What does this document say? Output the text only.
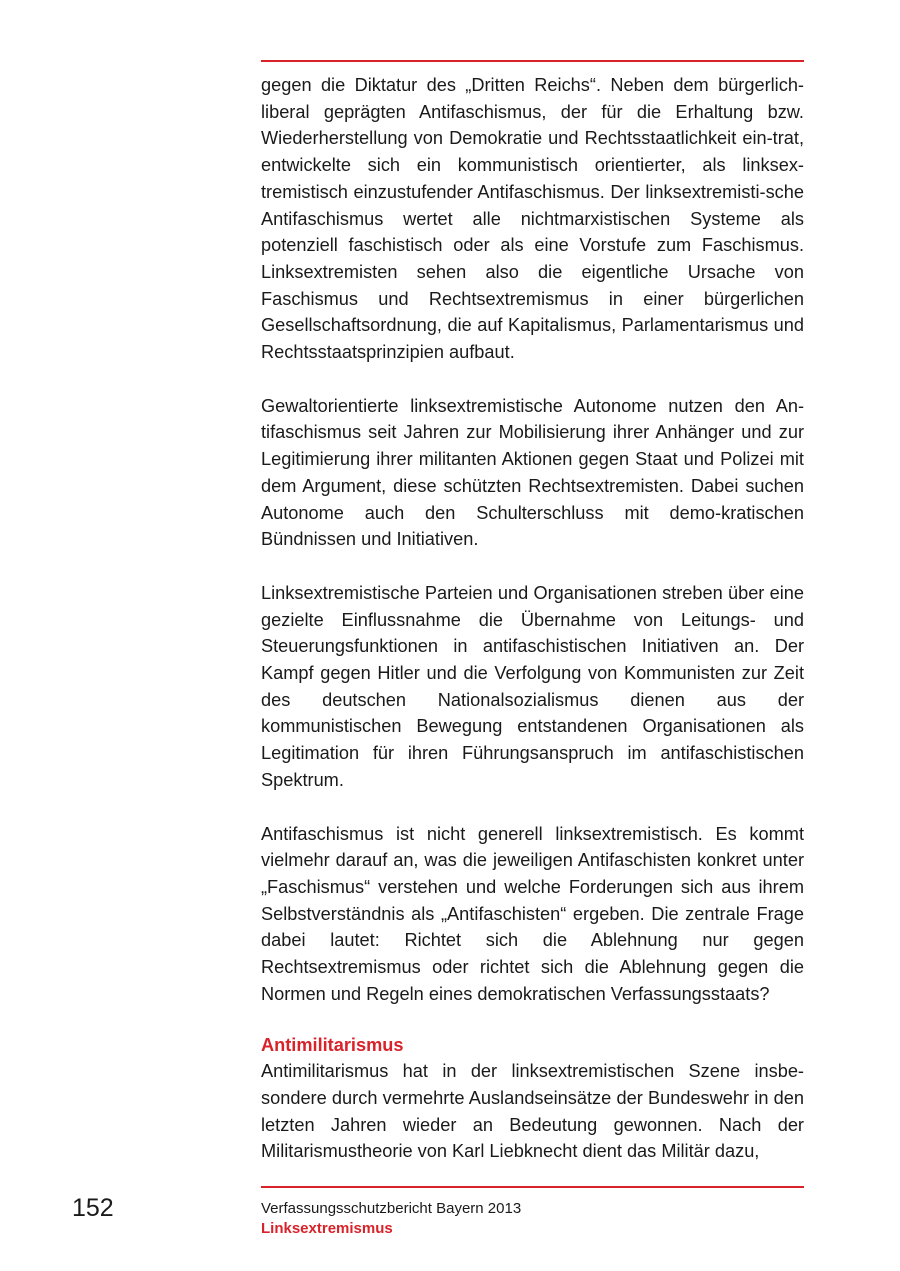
gegen die Diktatur des „Dritten Reichs“. Neben dem bürgerlich-liberal geprägten Antifaschismus, der für die Erhaltung bzw. Wiederherstellung von Demokratie und Rechtsstaatlichkeit ein-trat, entwickelte sich ein kommunistisch orientierter, als linksex-tremistisch einzustufender Antifaschismus. Der linksextremisti-sche Antifaschismus wertet alle nichtmarxistischen Systeme als potenziell faschistisch oder als eine Vorstufe zum Faschismus. Linksextremisten sehen also die eigentliche Ursache von Faschismus und Rechtsextremismus in einer bürgerlichen Gesellschaftsordnung, die auf Kapitalismus, Parlamentarismus und Rechtsstaatsprinzipien aufbaut.

Gewaltorientierte linksextremistische Autonome nutzen den An-tifaschismus seit Jahren zur Mobilisierung ihrer Anhänger und zur Legitimierung ihrer militanten Aktionen gegen Staat und Polizei mit dem Argument, diese schützten Rechtsextremisten. Dabei suchen Autonome auch den Schulterschluss mit demo-kratischen Bündnissen und Initiativen.

Linksextremistische Parteien und Organisationen streben über eine gezielte Einflussnahme die Übernahme von Leitungs- und Steuerungsfunktionen in antifaschistischen Initiativen an. Der Kampf gegen Hitler und die Verfolgung von Kommunisten zur Zeit des deutschen Nationalsozialismus dienen aus der kommunistischen Bewegung entstandenen Organisationen als Legitimation für ihren Führungsanspruch im antifaschistischen Spektrum.

Antifaschismus ist nicht generell linksextremistisch. Es kommt vielmehr darauf an, was die jeweiligen Antifaschisten konkret unter „Faschismus“ verstehen und welche Forderungen sich aus ihrem Selbstverständnis als „Antifaschisten“ ergeben. Die zentrale Frage dabei lautet: Richtet sich die Ablehnung nur gegen Rechtsextremismus oder richtet sich die Ablehnung gegen die Normen und Regeln eines demokratischen Verfassungsstaats?

Antimilitarismus

Antimilitarismus hat in der linksextremistischen Szene insbe-sondere durch vermehrte Auslandseinsätze der Bundeswehr in den letzten Jahren wieder an Bedeutung gewonnen. Nach der Militarismustheorie von Karl Liebknecht dient das Militär dazu,

152	Verfassungsschutzbericht Bayern 2013
Linksextremismus
